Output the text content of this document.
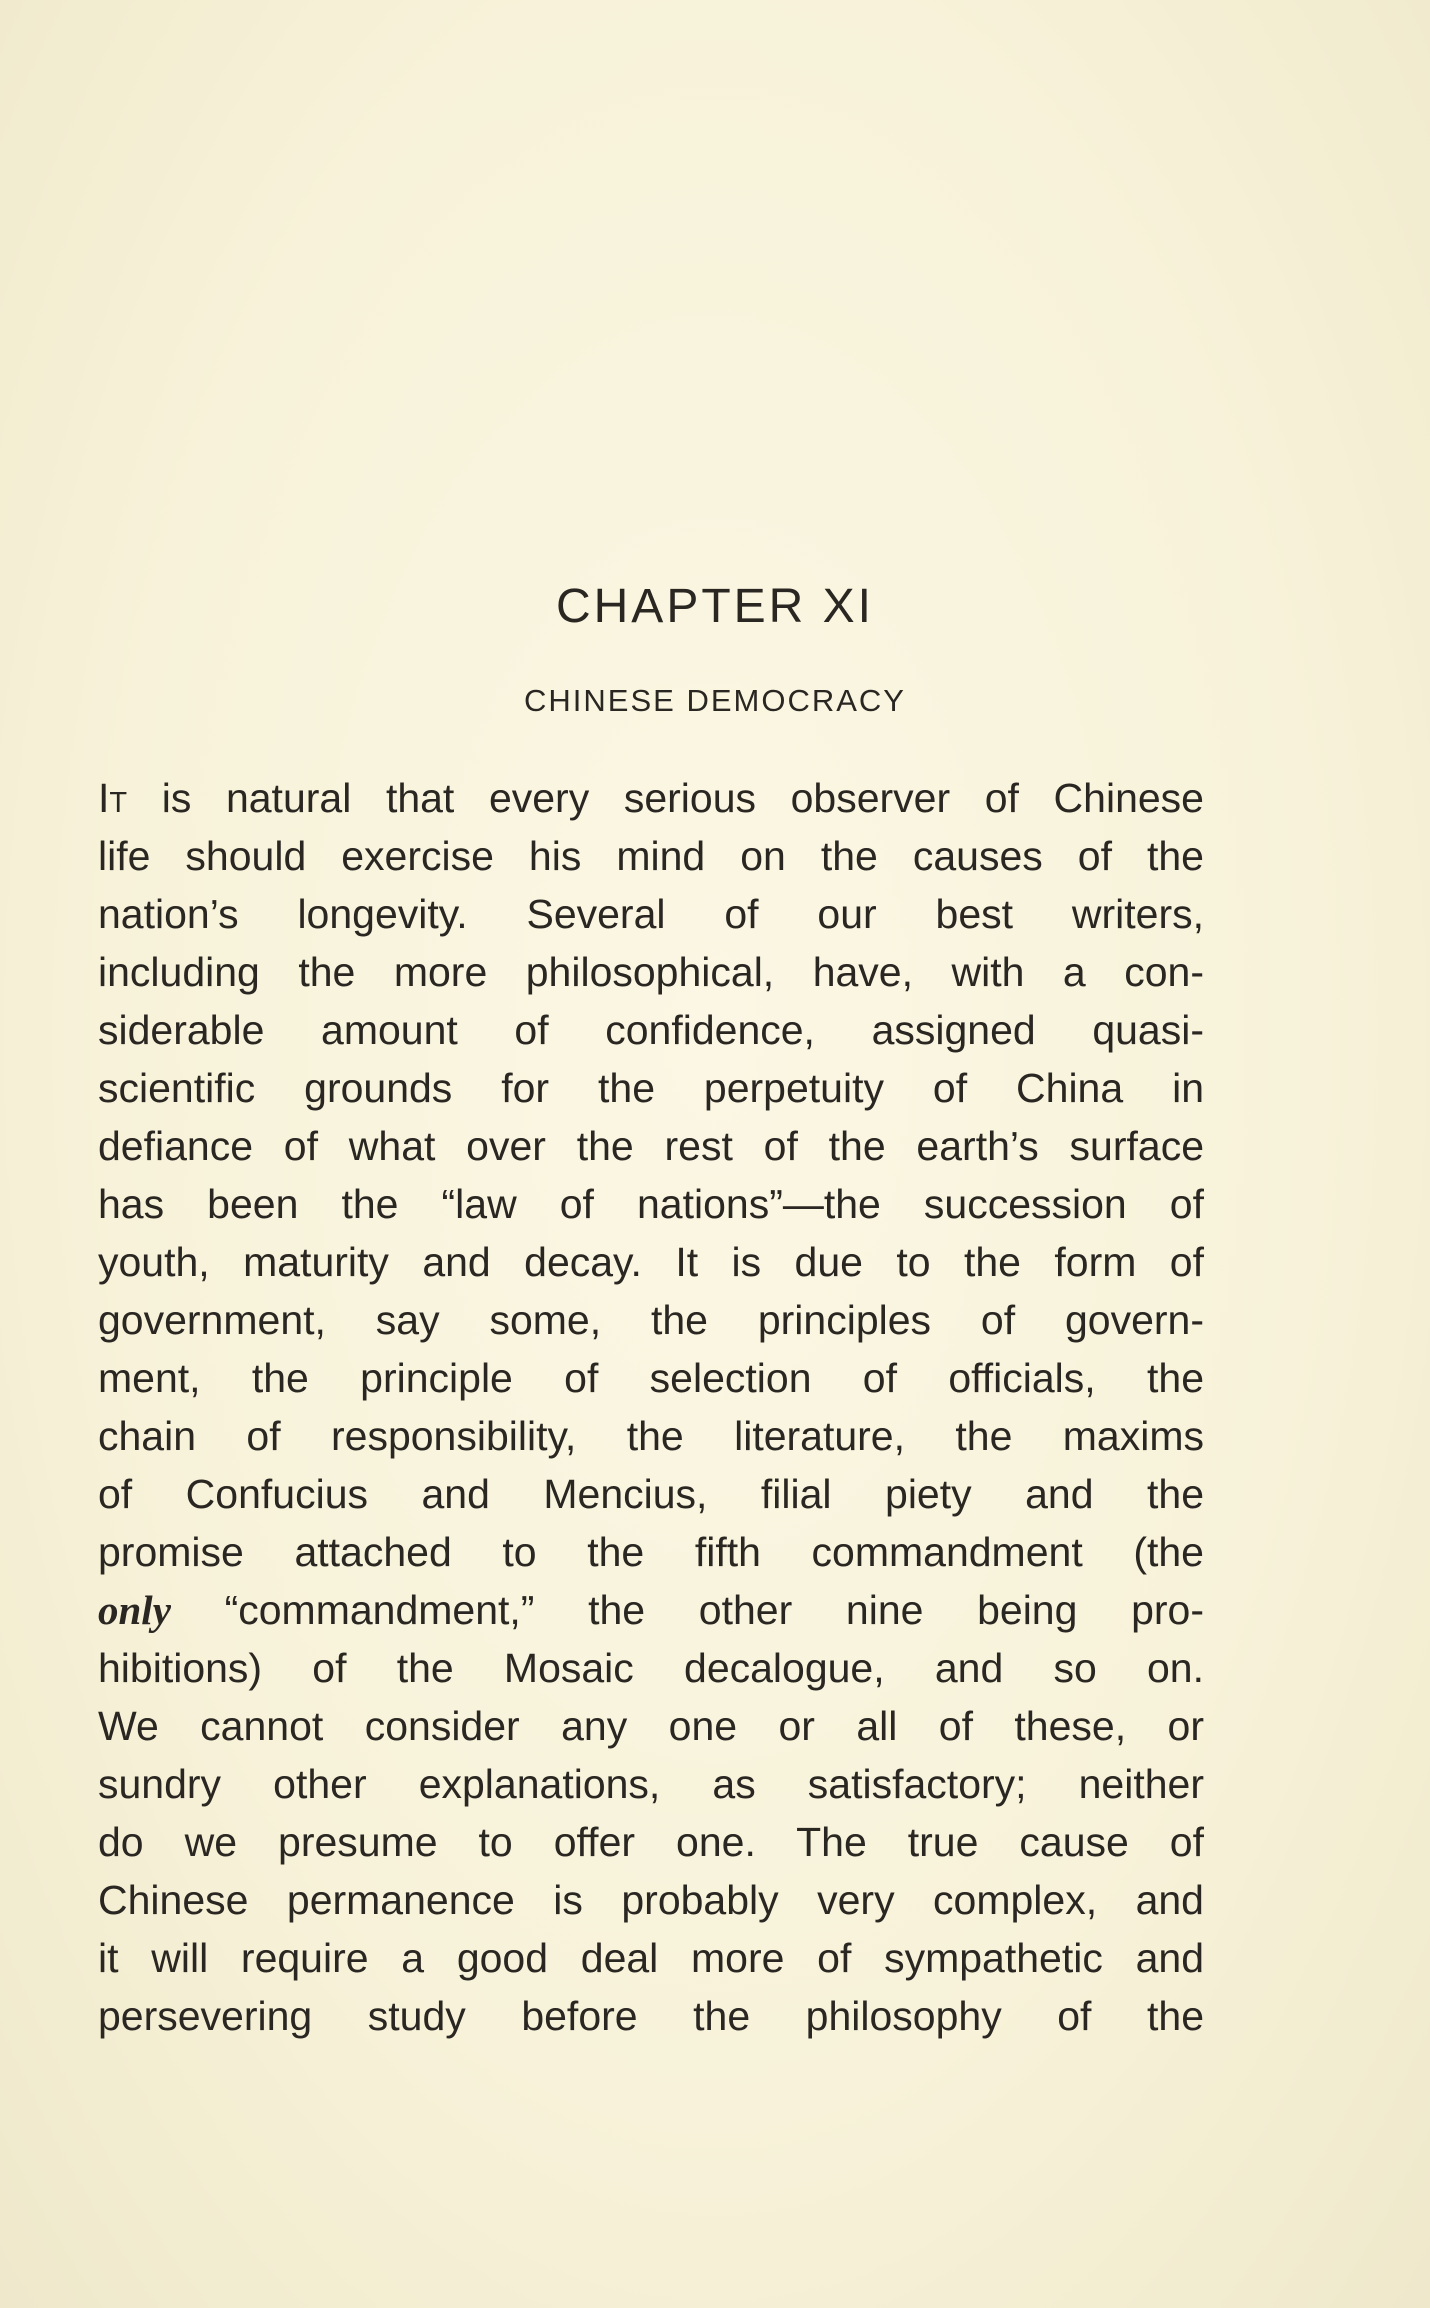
CHAPTER XI
CHINESE DEMOCRACY
It is natural that every serious observer of Chinese
life should exercise his mind on the causes of the
nation’s longevity. Several of our best writers,
including the more philosophical, have, with a con-
siderable amount of confidence, assigned quasi-
scientific grounds for the perpetuity of China in
defiance of what over the rest of the earth’s surface
has been the “law of nations”—the succession of
youth, maturity and decay. It is due to the form of
government, say some, the principles of govern-
ment, the principle of selection of officials, the
chain of responsibility, the literature, the maxims
of Confucius and Mencius, filial piety and the
promise attached to the fifth commandment (the
only “commandment,” the other nine being pro-
hibitions) of the Mosaic decalogue, and so on.
We cannot consider any one or all of these, or
sundry other explanations, as satisfactory; neither
do we presume to offer one. The true cause of
Chinese permanence is probably very complex, and
it will require a good deal more of sympathetic and
persevering study before the philosophy of the
